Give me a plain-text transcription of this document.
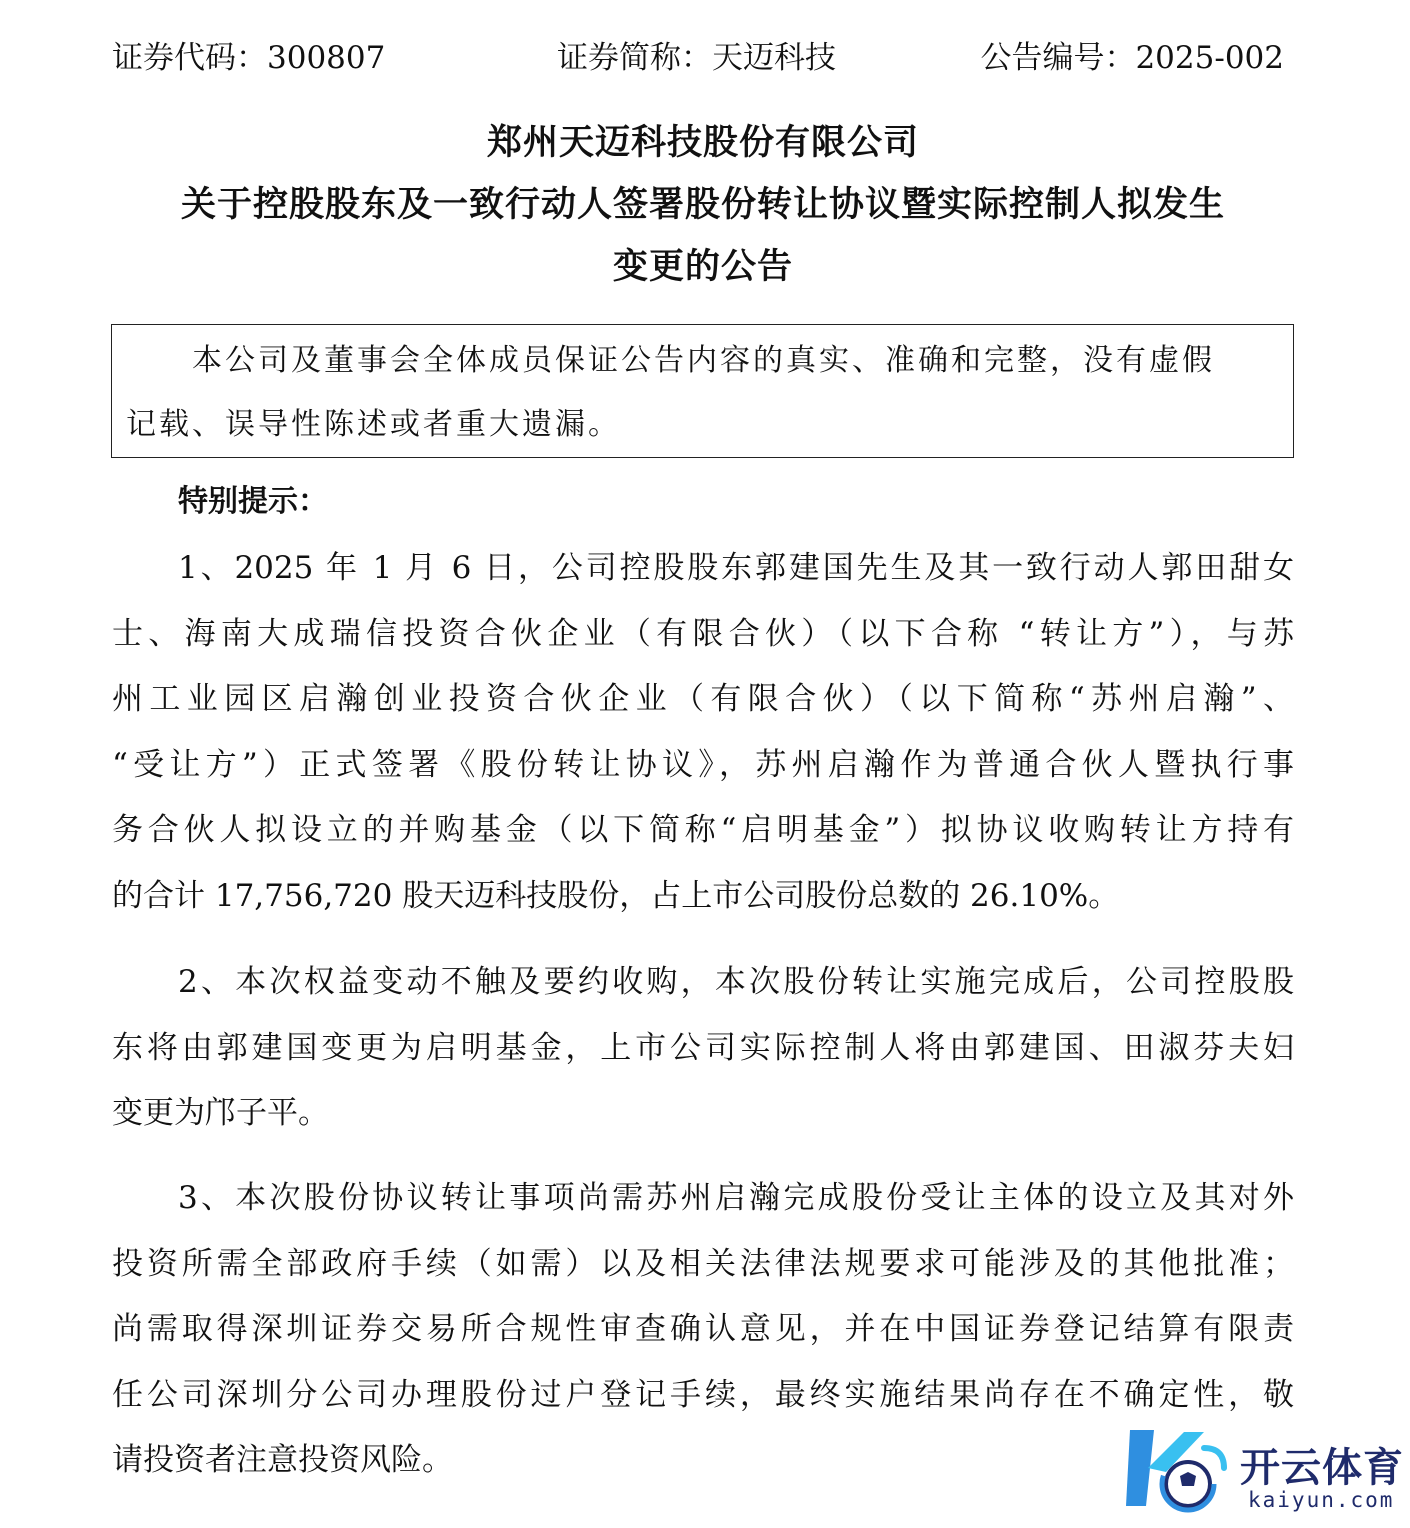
证券代码：300807	证券简称：天迈科技	公告编号：2025-002
郑州天迈科技股份有限公司
关于控股股东及一致行动人签署股份转让协议暨实际控制人拟发生
变更的公告
本公司及董事会全体成员保证公告内容的真实、准确和完整，没有虚假
记载、误导性陈述或者重大遗漏。
特别提示：
1、2025 年 1 月 6 日，公司控股股东郭建国先生及其一致行动人郭田甜女
士、海南大成瑞信投资合伙企业（有限合伙）（以下合称 “转让方”），与苏
州工业园区启瀚创业投资合伙企业（有限合伙）（以下简称“苏州启瀚”、
“受让方”）正式签署《股份转让协议》，苏州启瀚作为普通合伙人暨执行事
务合伙人拟设立的并购基金（以下简称“启明基金”）拟协议收购转让方持有
的合计 17,756,720 股天迈科技股份，占上市公司股份总数的 26.10%。
2、本次权益变动不触及要约收购，本次股份转让实施完成后，公司控股股
东将由郭建国变更为启明基金，上市公司实际控制人将由郭建国、田淑芬夫妇
变更为邝子平。
3、本次股份协议转让事项尚需苏州启瀚完成股份受让主体的设立及其对外
投资所需全部政府手续（如需）以及相关法律法规要求可能涉及的其他批准；
尚需取得深圳证券交易所合规性审查确认意见，并在中国证券登记结算有限责
任公司深圳分公司办理股份过户登记手续，最终实施结果尚存在不确定性，敬
请投资者注意投资风险。	开云体育
kaiyun.com
